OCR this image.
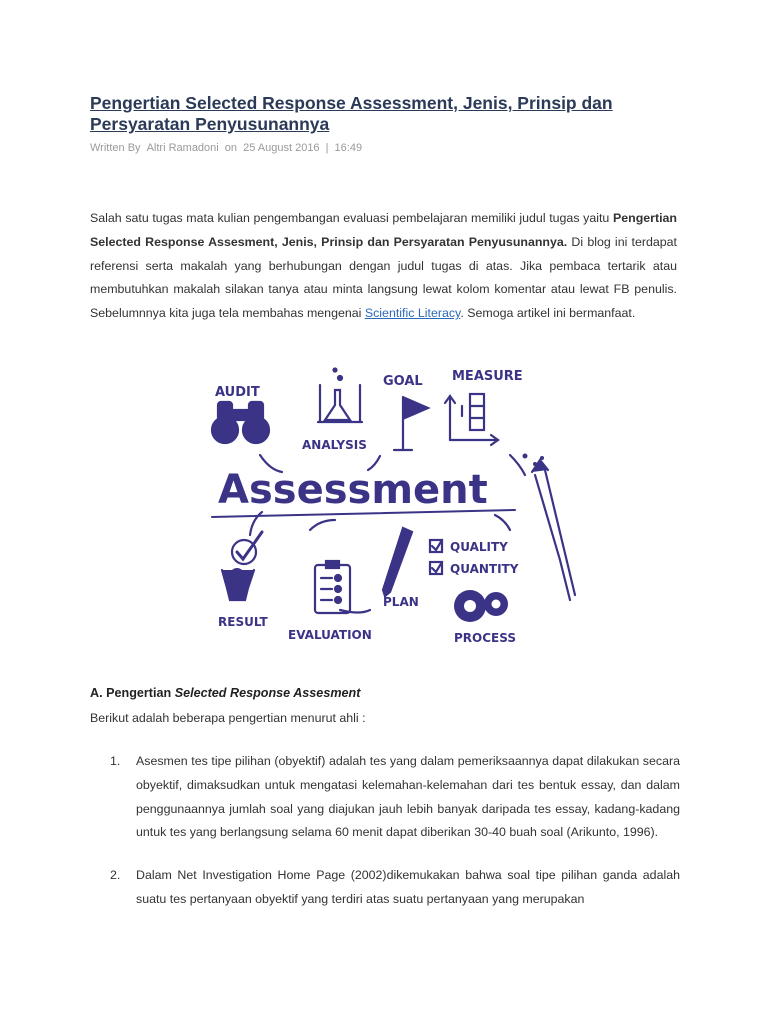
Pengertian Selected Response Assessment, Jenis, Prinsip dan Persyaratan Penyusunannya
Written By Altri Ramadoni on 25 August 2016 | 16:49

Salah satu tugas mata kulian pengembangan evaluasi pembelajaran memiliki judul tugas yaitu Pengertian Selected Response Assesment, Jenis, Prinsip dan Persyaratan Penyusunannya. Di blog ini terdapat referensi serta makalah yang berhubungan dengan judul tugas di atas. Jika pembaca tertarik atau membutuhkan makalah silakan tanya atau minta langsung lewat kolom komentar atau lewat FB penulis. Sebelumnnya kita juga tela membahas mengenai Scientific Literacy. Semoga artikel ini bermanfaat.

AUDIT
ANALYSIS
GOAL MEASURE
Assessment
QUALITY
QUANTITY
RESULT
EVALUATION
PLAN
PROCESS

A. Pengertian Selected Response Assesment

Berikut adalah beberapa pengertian menurut ahli :

1. Asesmen tes tipe pilihan (obyektif) adalah tes yang dalam pemeriksaannya dapat dilakukan secara obyektif, dimaksudkan untuk mengatasi kelemahan-kelemahan dari tes bentuk essay, dan dalam penggunaannya jumlah soal yang diajukan jauh lebih banyak daripada tes essay, kadang-kadang untuk tes yang berlangsung selama 60 menit dapat diberikan 30-40 buah soal (Arikunto, 1996).
2. Dalam Net Investigation Home Page (2002)dikemukakan bahwa soal tipe pilihan ganda adalah suatu tes pertanyaan obyektif yang terdiri atas suatu pertanyaan yang merupakan
